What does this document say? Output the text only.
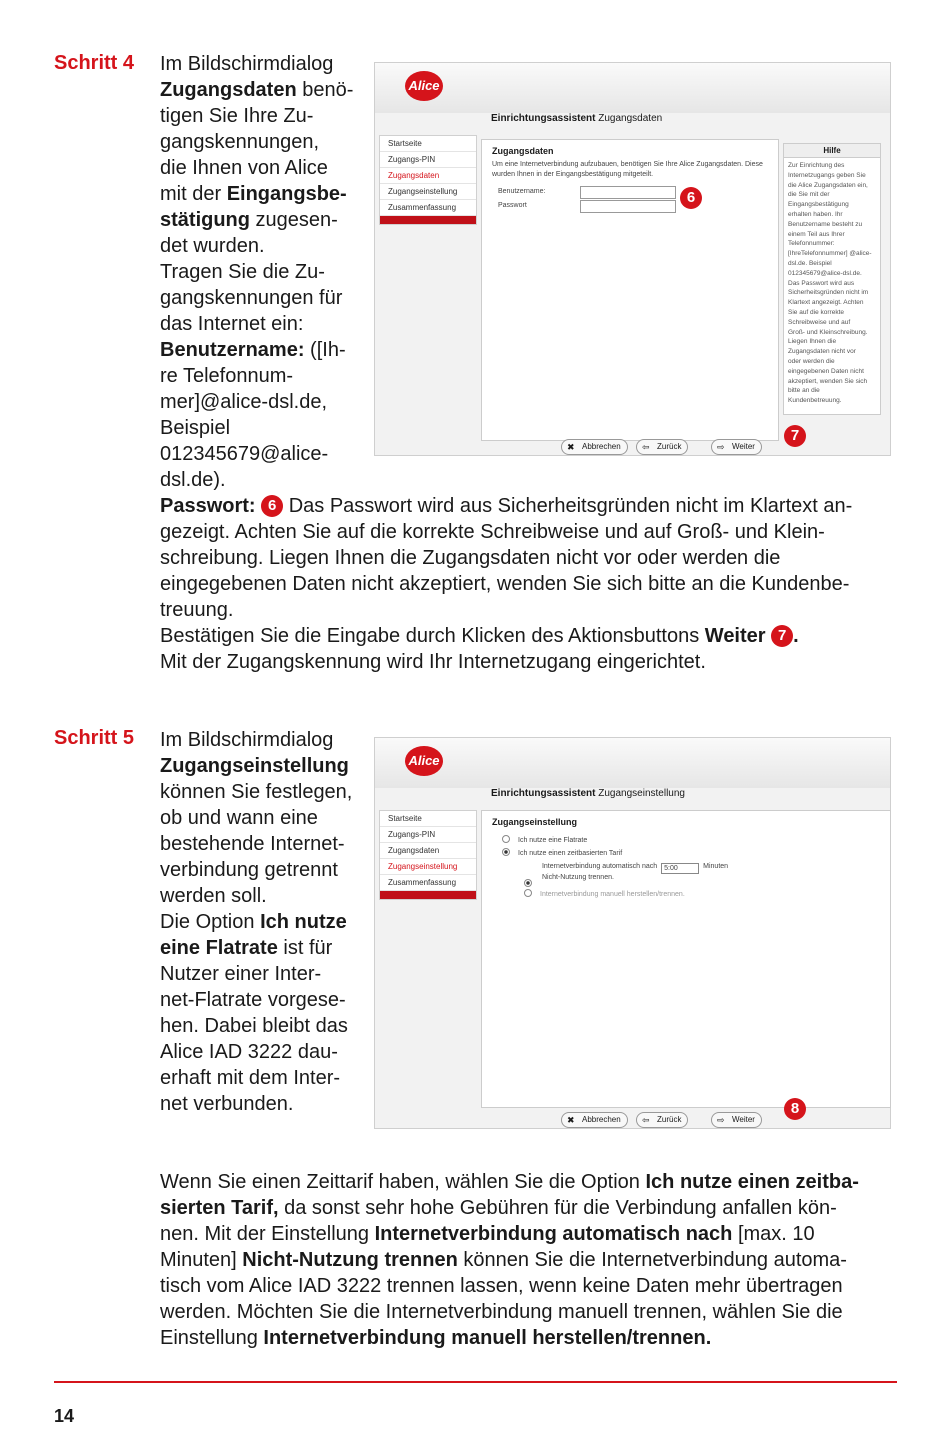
Schritt 4 Im Bildschirmdialog
Zugangsdaten benö-
tigen Sie Ihre Zu-
gangskennungen,
die Ihnen von Alice
mit der Eingangsbe-
stätigung zugesen-
det wurden.
Tragen Sie die Zu-
gangskennungen für
das Internet ein:
Benutzername: ([Ih-
re Telefonnum-
mer]@alice-dsl.de,
Beispiel
012345679@alice-
dsl.de).
Alice
Einrichtungsassistent Zugangsdaten
Startseite
Zugangs-PIN
Zugangsdaten
Zugangseinstellung
Zusammenfassung
Zugangsdaten
Um eine Internetverbindung aufzubauen, benötigen Sie Ihre Alice Zugangsdaten. Diese wurden Ihnen in der Eingangsbestätigung mitgeteilt.
Benutzername:
Passwort	6
Hilfe
Zur Einrichtung des
Internetzugangs geben Sie
die Alice Zugangsdaten ein,
die Sie mit der
Eingangsbestätigung
erhalten haben. Ihr
Benutzername besteht zu
einem Teil aus Ihrer
Telefonnummer:
[IhreTelefonnummer] @alice-
dsl.de. Beispiel
012345679@alice-dsl.de.
Das Passwort wird aus
Sicherheitsgründen nicht im
Klartext angezeigt. Achten
Sie auf die korrekte
Schreibweise und auf
Groß- und Kleinschreibung.
Liegen Ihnen die
Zugangsdaten nicht vor
oder werden die
eingegebenen Daten nicht
akzeptiert, wenden Sie sich
bitte an die
Kundenbetreuung.
✖ Abbrechen	⇦ Zurück	⇨ Weiter
7
Passwort: 6 Das Passwort wird aus Sicherheitsgründen nicht im Klartext an-
gezeigt. Achten Sie auf die korrekte Schreibweise und auf Groß- und Klein-
schreibung. Liegen Ihnen die Zugangsdaten nicht vor oder werden die
eingegebenen Daten nicht akzeptiert, wenden Sie sich bitte an die Kundenbe-
treuung.
Bestätigen Sie die Eingabe durch Klicken des Aktionsbuttons Weiter 7 .
Mit der Zugangskennung wird Ihr Internetzugang eingerichtet.
Schritt 5 Im Bildschirmdialog
Zugangseinstellung
können Sie festlegen,
ob und wann eine
bestehende Internet-
verbindung getrennt
werden soll.
Die Option Ich nutze
eine Flatrate ist für
Nutzer einer Inter-
net-Flatrate vorgese-
hen. Dabei bleibt das
Alice IAD 3222 dau-
erhaft mit dem Inter-
net verbunden.
Alice
Einrichtungsassistent Zugangseinstellung
Startseite
Zugangs-PIN
Zugangsdaten
Zugangseinstellung
Zusammenfassung
Zugangseinstellung
Ich nutze eine Flatrate
Ich nutze einen zeitbasierten Tarif
Internetverbindung automatisch nach 5:00	Minuten
Nicht-Nutzung trennen.
Internetverbindung manuell herstellen/trennen.
✖ Abbrechen	⇦ Zurück	⇨ Weiter
8
Wenn Sie einen Zeittarif haben, wählen Sie die Option Ich nutze einen zeitba-
sierten Tarif, da sonst sehr hohe Gebühren für die Verbindung anfallen kön-
nen. Mit der Einstellung Internetverbindung automatisch nach [max. 10
Minuten] Nicht-Nutzung trennen können Sie die Internetverbindung automa-
tisch vom Alice IAD 3222 trennen lassen, wenn keine Daten mehr übertragen
werden. Möchten Sie die Internetverbindung manuell trennen, wählen Sie die
Einstellung Internetverbindung manuell herstellen/trennen.
14
